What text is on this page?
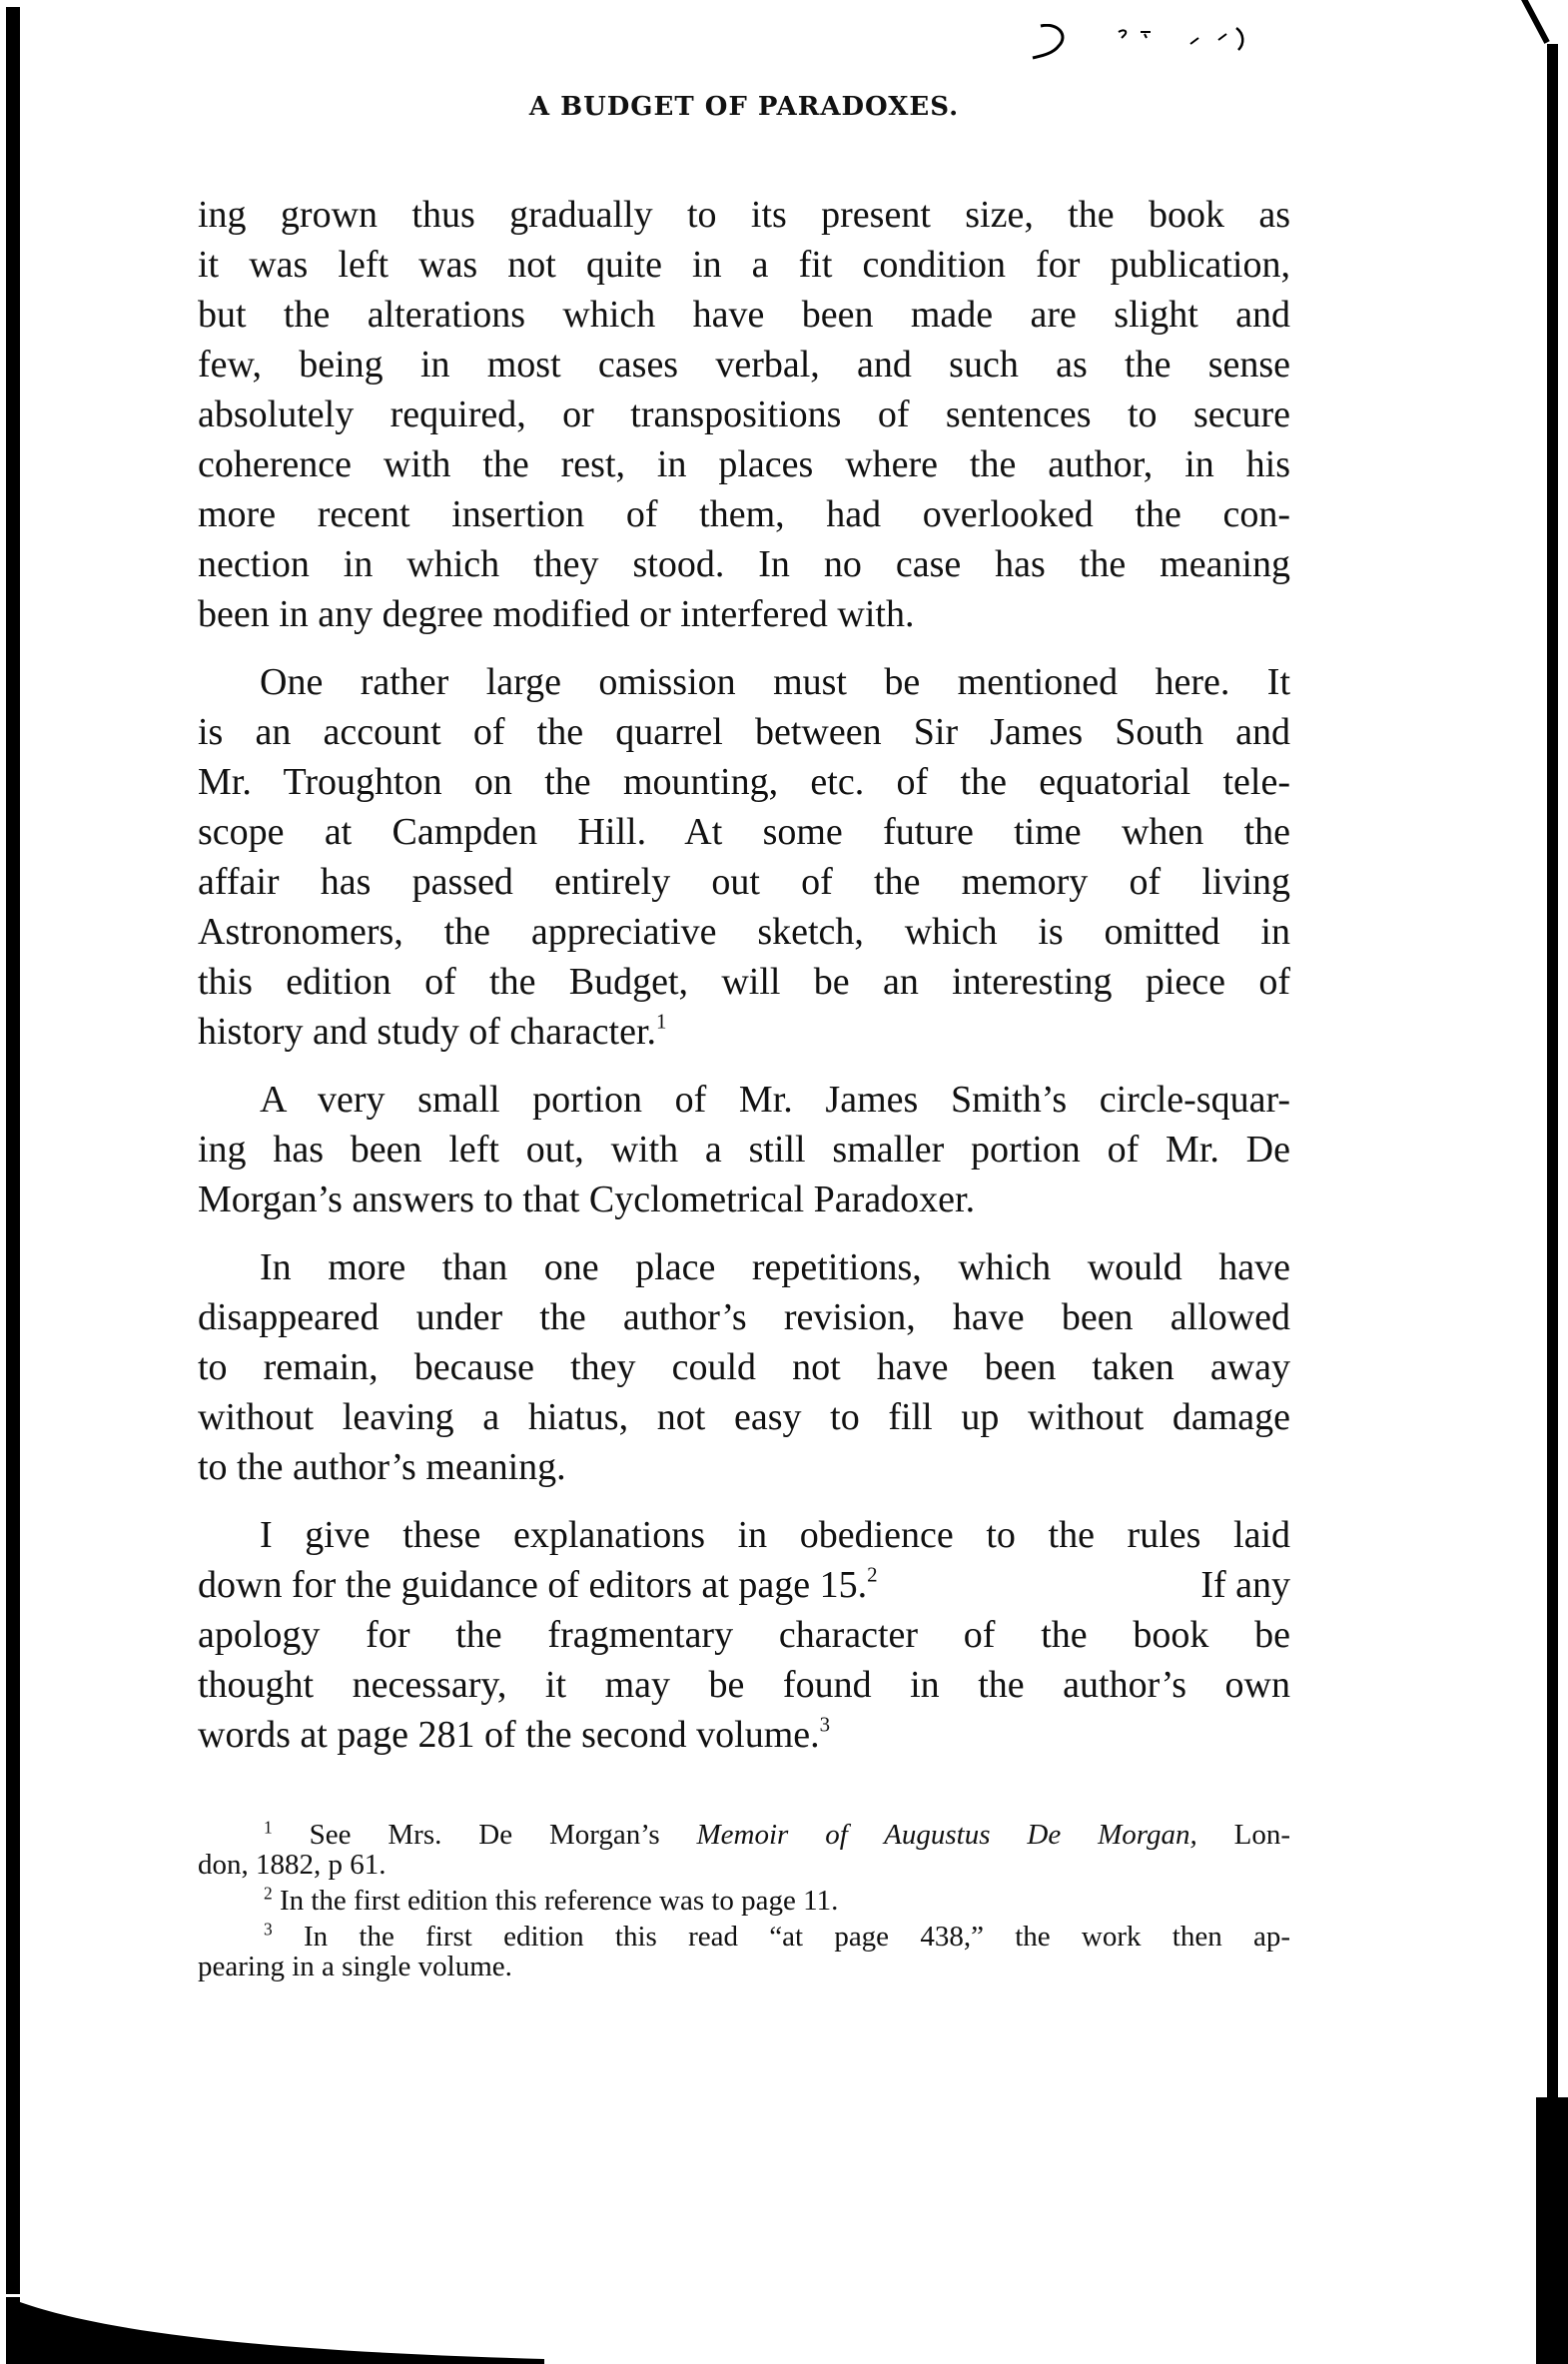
A BUDGET OF PARADOXES.
ing grown thus gradually to its present size, the book as
it was left was not quite in a fit condition for publication,
but the alterations which have been made are slight and
few, being in most cases verbal, and such as the sense
absolutely required, or transpositions of sentences to secure
coherence with the rest, in places where the author, in his
more recent insertion of them, had overlooked the con-
nection in which they stood. In no case has the meaning
been in any degree modified or interfered with.
One rather large omission must be mentioned here. It
is an account of the quarrel between Sir James South and
Mr. Troughton on the mounting, etc. of the equatorial tele-
scope at Campden Hill. At some future time when the
affair has passed entirely out of the memory of living
Astronomers, the appreciative sketch, which is omitted in
this edition of the Budget, will be an interesting piece of
history and study of character.$^1$
A very small portion of Mr. James Smith’s circle-squar-
ing has been left out, with a still smaller portion of Mr. De
Morgan’s answers to that Cyclometrical Paradoxer.
In more than one place repetitions, which would have
disappeared under the author’s revision, have been allowed
to remain, because they could not have been taken away
without leaving a hiatus, not easy to fill up without damage
to the author’s meaning.
I give these explanations in obedience to the rules laid
down for the guidance of editors at page 15.$^2$	If any
apology for the fragmentary character of the book be
thought necessary, it may be found in the author’s own
words at page 281 of the second volume.$^3$
$^1$ See Mrs. De Morgan’s Memoir of Augustus De Morgan, Lon-
don, 1882, p 61.
$^2$ In the first edition this reference was to page 11.
$^3$ In the first edition this read “at page 438,” the work then ap-
pearing in a single volume.
